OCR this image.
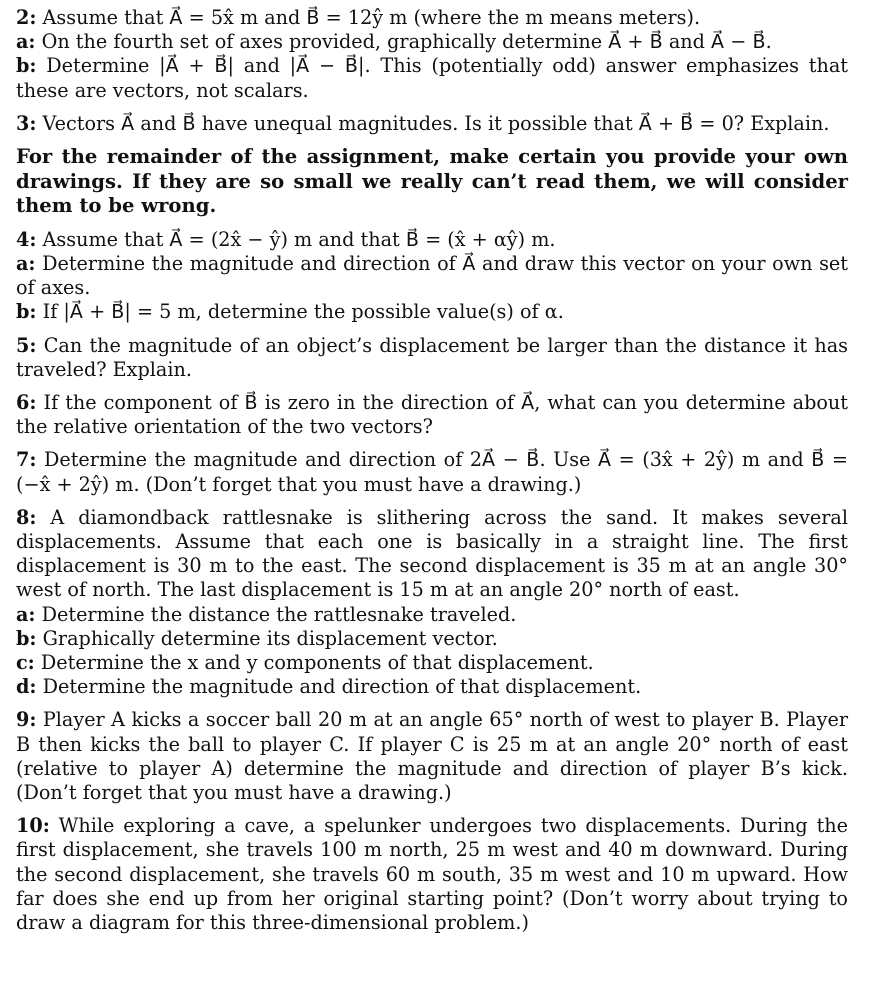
2: Assume that A⃗ = 5x̂ m and B⃗ = 12ŷ m (where the m means meters).
a: On the fourth set of axes provided, graphically determine A⃗ + B⃗ and A⃗ − B⃗.
b: Determine |A⃗ + B⃗| and |A⃗ − B⃗|. This (potentially odd) answer emphasizes that these are vectors, not scalars.
3: Vectors A⃗ and B⃗ have unequal magnitudes. Is it possible that A⃗ + B⃗ = 0? Explain.
For the remainder of the assignment, make certain you provide your own drawings. If they are so small we really can’t read them, we will consider them to be wrong.
4: Assume that A⃗ = (2x̂ − ŷ) m and that B⃗ = (x̂ + αŷ) m.
a: Determine the magnitude and direction of A⃗ and draw this vector on your own set of axes.
b: If |A⃗ + B⃗| = 5 m, determine the possible value(s) of α.
5: Can the magnitude of an object’s displacement be larger than the distance it has traveled? Explain.
6: If the component of B⃗ is zero in the direction of A⃗, what can you determine about the relative orientation of the two vectors?
7: Determine the magnitude and direction of 2A⃗ − B⃗. Use A⃗ = (3x̂ + 2ŷ) m and B⃗ = (−x̂ + 2ŷ) m. (Don’t forget that you must have a drawing.)
8: A diamondback rattlesnake is slithering across the sand. It makes several displacements. Assume that each one is basically in a straight line. The first displacement is 30 m to the east. The second displacement is 35 m at an angle 30° west of north. The last displacement is 15 m at an angle 20° north of east.
a: Determine the distance the rattlesnake traveled.
b: Graphically determine its displacement vector.
c: Determine the x and y components of that displacement.
d: Determine the magnitude and direction of that displacement.
9: Player A kicks a soccer ball 20 m at an angle 65° north of west to player B. Player B then kicks the ball to player C. If player C is 25 m at an angle 20° north of east (relative to player A) determine the magnitude and direction of player B’s kick. (Don’t forget that you must have a drawing.)
10: While exploring a cave, a spelunker undergoes two displacements. During the first displacement, she travels 100 m north, 25 m west and 40 m downward. During the second displacement, she travels 60 m south, 35 m west and 10 m upward. How far does she end up from her original starting point? (Don’t worry about trying to draw a diagram for this three-dimensional problem.)
